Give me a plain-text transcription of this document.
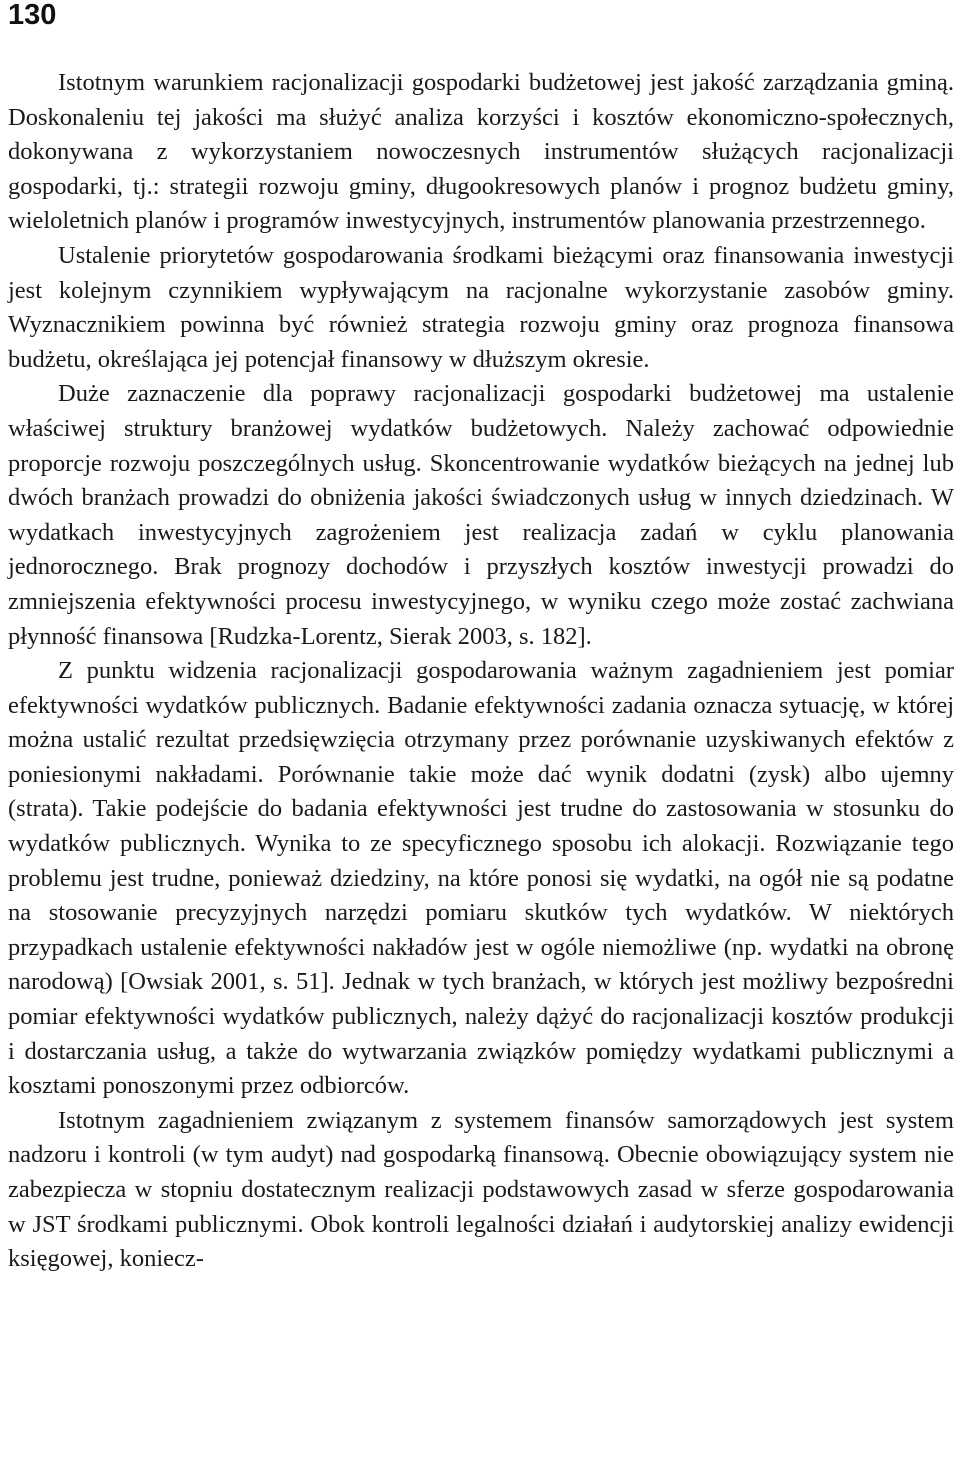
130

Istotnym warunkiem racjonalizacji gospodarki budżetowej jest jakość zarządzania gminą. Doskonaleniu tej jakości ma służyć analiza korzyści i kosztów ekonomiczno-społecznych, dokonywana z wykorzystaniem nowoczesnych instrumentów służących racjonalizacji gospodarki, tj.: strategii rozwoju gminy, długookresowych planów i prognoz budżetu gminy, wieloletnich planów i programów inwestycyjnych, instrumentów planowania przestrzennego.

Ustalenie priorytetów gospodarowania środkami bieżącymi oraz finansowania inwestycji jest kolejnym czynnikiem wypływającym na racjonalne wykorzystanie zasobów gminy. Wyznacznikiem powinna być również strategia rozwoju gminy oraz prognoza finansowa budżetu, określająca jej potencjał finansowy w dłuższym okresie.

Duże zaznaczenie dla poprawy racjonalizacji gospodarki budżetowej ma ustalenie właściwej struktury branżowej wydatków budżetowych. Należy zachować odpowiednie proporcje rozwoju poszczególnych usług. Skoncentrowanie wydatków bieżących na jednej lub dwóch branżach prowadzi do obniżenia jakości świadczonych usług w innych dziedzinach. W wydatkach inwestycyjnych zagrożeniem jest realizacja zadań w cyklu planowania jednorocznego. Brak prognozy dochodów i przyszłych kosztów inwestycji prowadzi do zmniejszenia efektywności procesu inwestycyjnego, w wyniku czego może zostać zachwiana płynność finansowa [Rudzka-Lorentz, Sierak 2003, s. 182].

Z punktu widzenia racjonalizacji gospodarowania ważnym zagadnieniem jest pomiar efektywności wydatków publicznych. Badanie efektywności zadania oznacza sytuację, w której można ustalić rezultat przedsięwzięcia otrzymany przez porównanie uzyskiwanych efektów z poniesionymi nakładami. Porównanie takie może dać wynik dodatni (zysk) albo ujemny (strata). Takie podejście do badania efektywności jest trudne do zastosowania w stosunku do wydatków publicznych. Wynika to ze specyficznego sposobu ich alokacji. Rozwiązanie tego problemu jest trudne, ponieważ dziedziny, na które ponosi się wydatki, na ogół nie są podatne na stosowanie precyzyjnych narzędzi pomiaru skutków tych wydatków. W niektórych przypadkach ustalenie efektywności nakładów jest w ogóle niemożliwe (np. wydatki na obronę narodową) [Owsiak 2001, s. 51]. Jednak w tych branżach, w których jest możliwy bezpośredni pomiar efektywności wydatków publicznych, należy dążyć do racjonalizacji kosztów produkcji i dostarczania usług, a także do wytwarzania związków pomiędzy wydatkami publicznymi a kosztami ponoszonymi przez odbiorców.

Istotnym zagadnieniem związanym z systemem finansów samorządowych jest system nadzoru i kontroli (w tym audyt) nad gospodarką finansową. Obecnie obowiązujący system nie zabezpiecza w stopniu dostatecznym realizacji podstawowych zasad w sferze gospodarowania w JST środkami publicznymi. Obok kontroli legalności działań i audytorskiej analizy ewidencji księgowej, koniecz-
